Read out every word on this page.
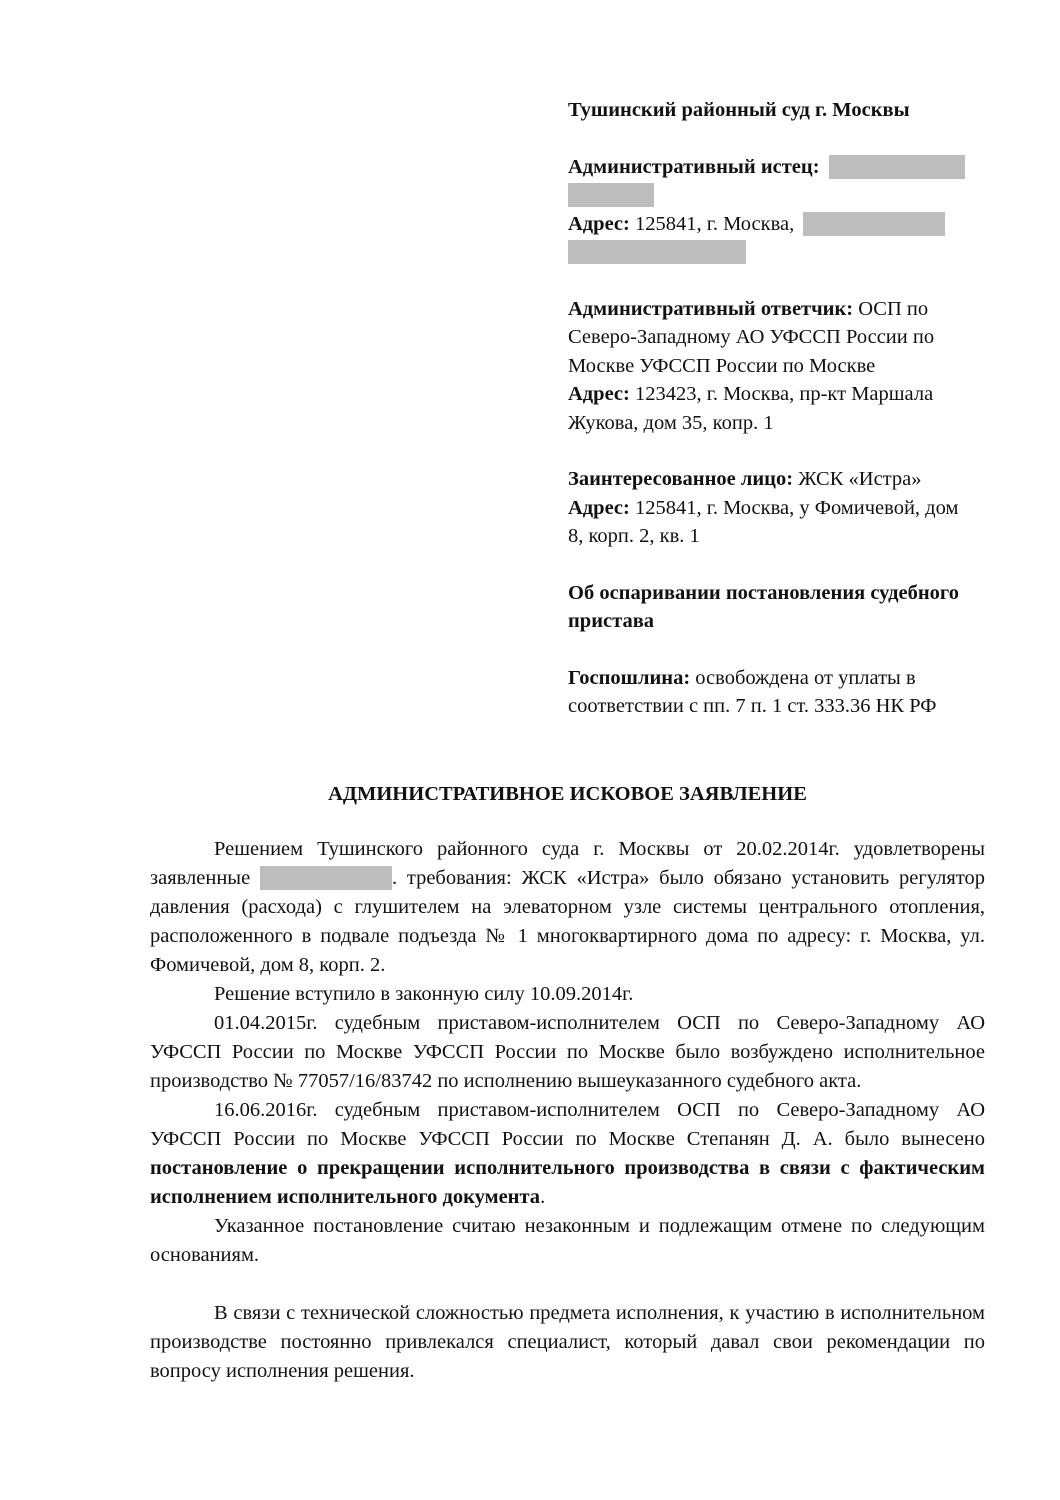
Тушинский районный суд г. Москвы
Административный истец:
Адрес: 125841, г. Москва,
Административный ответчик: ОСП по
Северо-Западному АО УФССП России по
Москве УФССП России по Москве
Адрес: 123423, г. Москва, пр-кт Маршала
Жукова, дом 35, копр. 1
Заинтересованное лицо: ЖСК «Истра»
Адрес: 125841, г. Москва, у Фомичевой, дом
8, корп. 2, кв. 1
Об оспаривании постановления судебного
пристава
Госпошлина: освобождена от уплаты в
соответствии с пп. 7 п. 1 ст. 333.36 НК РФ
АДМИНИСТРАТИВНОЕ ИСКОВОЕ ЗАЯВЛЕНИЕ

Решением Тушинского районного суда г. Москвы от 20.02.2014г. удовлетворены заявленные	. требования: ЖСК «Истра» было обязано установить регулятор давления (расхода) с глушителем на элеваторном узле системы центрального отопления, расположенного в подвале подъезда № 1 многоквартирного дома по адресу: г. Москва, ул. Фомичевой, дом 8, корп. 2.

Решение вступило в законную силу 10.09.2014г.

01.04.2015г. судебным приставом-исполнителем ОСП по Северо-Западному АО УФССП России по Москве УФССП России по Москве было возбуждено исполнительное производство № 77057/16/83742 по исполнению вышеуказанного судебного акта.

16.06.2016г. судебным приставом-исполнителем ОСП по Северо-Западному АО УФССП России по Москве УФССП России по Москве Степанян Д. А. было вынесено постановление о прекращении исполнительного производства в связи с фактическим исполнением исполнительного документа.

Указанное постановление считаю незаконным и подлежащим отмене по следующим основаниям.

В связи с технической сложностью предмета исполнения, к участию в исполнительном производстве постоянно привлекался специалист, который давал свои рекомендации по вопросу исполнения решения.
